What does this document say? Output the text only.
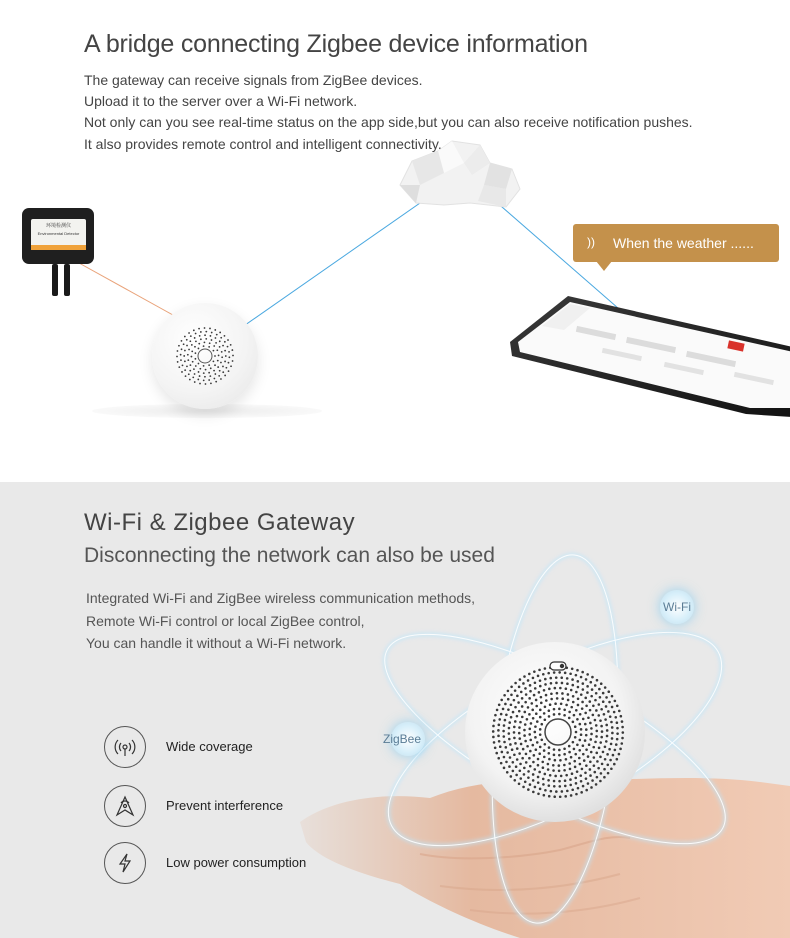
A bridge connecting Zigbee device information
The gateway can receive signals from ZigBee devices.
Upload it to the server over a Wi-Fi network.
Not only can you see real-time status on the app side,but you can also receive notification pushes.
It also provides remote control and intelligent connectivity.
环境检测仪
Environmental Detector
)) When the weather ......
Wi-Fi & Zigbee Gateway
Disconnecting the network can also be used
Integrated Wi-Fi and ZigBee wireless communication methods,
Remote Wi-Fi control or local ZigBee control,
You can handle it without a Wi-Fi network.
Wi-Fi
ZigBee
Wide coverage
Prevent interference
Low power consumption
